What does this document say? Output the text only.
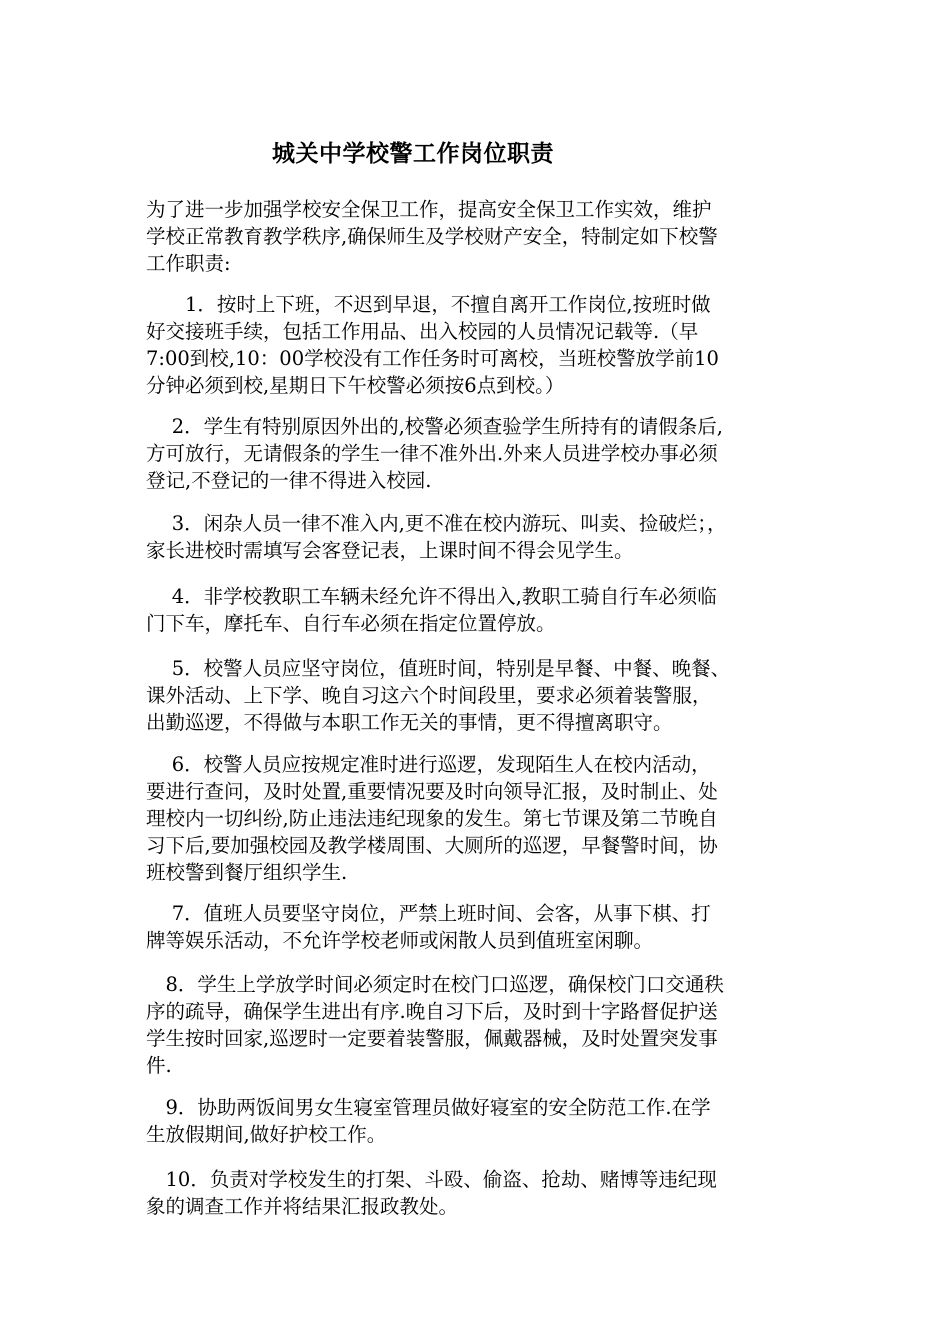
城关中学校警工作岗位职责

为了进一步加强学校安全保卫工作，提高安全保卫工作实效，维护
学校正常教育教学秩序,确保师生及学校财产安全，特制定如下校警
工作职责:

　　1．按时上下班，不迟到早退，不擅自离开工作岗位,按班时做
好交接班手续，包括工作用品、出入校园的人员情况记载等.（早
7:00到校,10：00学校没有工作任务时可离校，当班校警放学前10
分钟必须到校,星期日下午校警必须按6点到校。）

　 2．学生有特别原因外出的,校警必须查验学生所持有的请假条后,
方可放行，无请假条的学生一律不准外出.外来人员进学校办事必须
登记,不登记的一律不得进入校园.

　 3．闲杂人员一律不准入内,更不准在校内游玩、叫卖、捡破烂；，
家长进校时需填写会客登记表，上课时间不得会见学生。

　 4．非学校教职工车辆未经允许不得出入,教职工骑自行车必须临
门下车，摩托车、自行车必须在指定位置停放。

　 5．校警人员应坚守岗位，值班时间，特别是早餐、中餐、晚餐、
课外活动、上下学、晚自习这六个时间段里，要求必须着装警服，
出勤巡逻，不得做与本职工作无关的事情，更不得擅离职守。

　 6．校警人员应按规定准时进行巡逻，发现陌生人在校内活动，
要进行查问，及时处置,重要情况要及时向领导汇报，及时制止、处
理校内一切纠纷,防止违法违纪现象的发生。第七节课及第二节晚自
习下后,要加强校园及教学楼周围、大厕所的巡逻，早餐警时间，协
班校警到餐厅组织学生.

　 7．值班人员要坚守岗位，严禁上班时间、会客，从事下棋、打
牌等娱乐活动，不允许学校老师或闲散人员到值班室闲聊。

　8．学生上学放学时间必须定时在校门口巡逻，确保校门口交通秩
序的疏导，确保学生进出有序.晚自习下后，及时到十字路督促护送
学生按时回家,巡逻时一定要着装警服，佩戴器械，及时处置突发事
件.

　9．协助两饭间男女生寝室管理员做好寝室的安全防范工作.在学
生放假期间,做好护校工作。

　10．负责对学校发生的打架、斗殴、偷盗、抢劫、赌博等违纪现
象的调查工作并将结果汇报政教处。
